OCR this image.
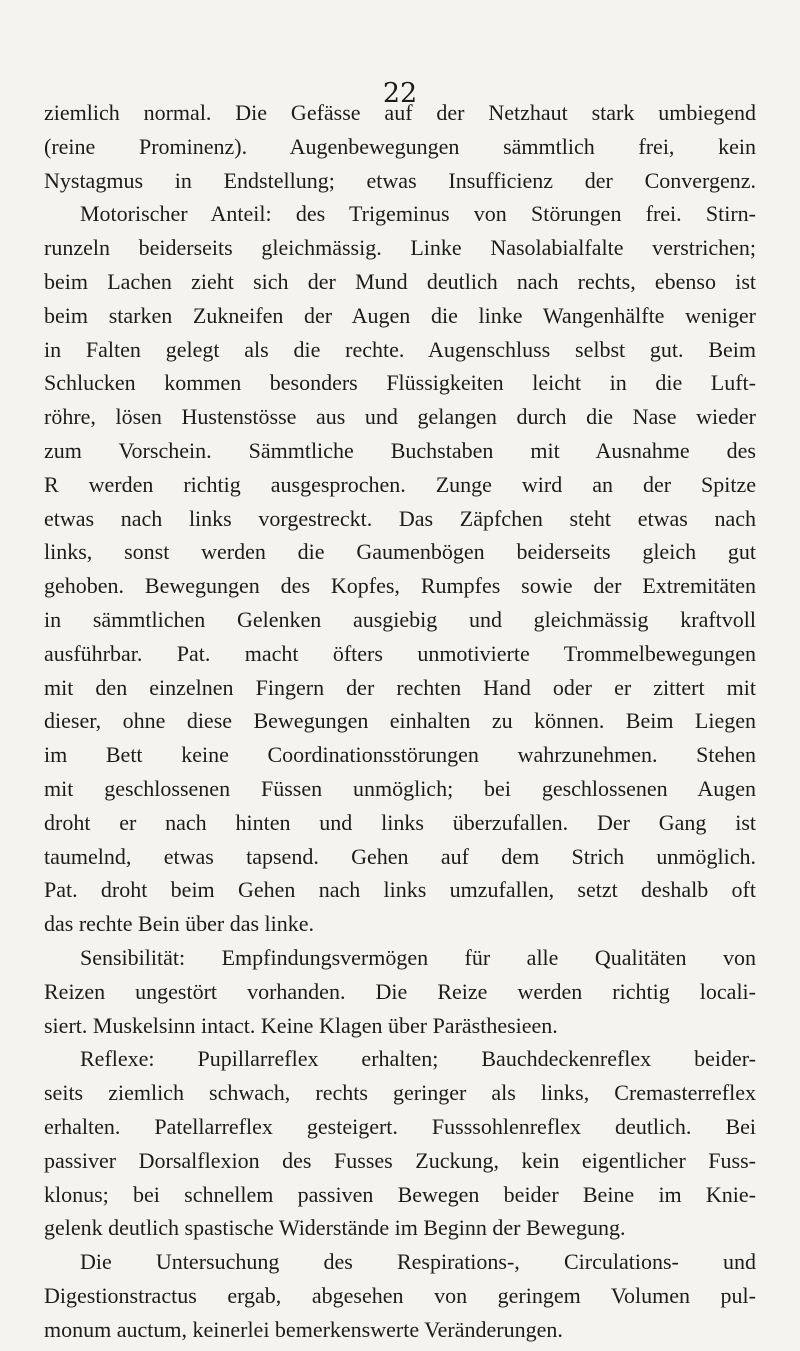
22
ziemlich normal. Die Gefässe auf der Netzhaut stark umbiegend
(reine Prominenz). Augenbewegungen sämmtlich frei, kein
Nystagmus in Endstellung; etwas Insufficienz der Convergenz.
Motorischer Anteil: des Trigeminus von Störungen frei. Stirn-
runzeln beiderseits gleichmässig. Linke Nasolabialfalte verstrichen;
beim Lachen zieht sich der Mund deutlich nach rechts, ebenso ist
beim starken Zukneifen der Augen die linke Wangenhälfte weniger
in Falten gelegt als die rechte. Augenschluss selbst gut. Beim
Schlucken kommen besonders Flüssigkeiten leicht in die Luft-
röhre, lösen Hustenstösse aus und gelangen durch die Nase wieder
zum Vorschein. Sämmtliche Buchstaben mit Ausnahme des
R werden richtig ausgesprochen. Zunge wird an der Spitze
etwas nach links vorgestreckt. Das Zäpfchen steht etwas nach
links, sonst werden die Gaumenbögen beiderseits gleich gut
gehoben. Bewegungen des Kopfes, Rumpfes sowie der Extremitäten
in sämmtlichen Gelenken ausgiebig und gleichmässig kraftvoll
ausführbar. Pat. macht öfters unmotivierte Trommelbewegungen
mit den einzelnen Fingern der rechten Hand oder er zittert mit
dieser, ohne diese Bewegungen einhalten zu können. Beim Liegen
im Bett keine Coordinationsstörungen wahrzunehmen. Stehen
mit geschlossenen Füssen unmöglich; bei geschlossenen Augen
droht er nach hinten und links überzufallen. Der Gang ist
taumelnd, etwas tapsend. Gehen auf dem Strich unmöglich.
Pat. droht beim Gehen nach links umzufallen, setzt deshalb oft
das rechte Bein über das linke.
Sensibilität: Empfindungsvermögen für alle Qualitäten von
Reizen ungestört vorhanden. Die Reize werden richtig locali-
siert. Muskelsinn intact. Keine Klagen über Parästhesieen.
Reflexe: Pupillarreflex erhalten; Bauchdeckenreflex beider-
seits ziemlich schwach, rechts geringer als links, Cremasterreflex
erhalten. Patellarreflex gesteigert. Fusssohlenreflex deutlich. Bei
passiver Dorsalflexion des Fusses Zuckung, kein eigentlicher Fuss-
klonus; bei schnellem passiven Bewegen beider Beine im Knie-
gelenk deutlich spastische Widerstände im Beginn der Bewegung.
Die Untersuchung des Respirations-, Circulations- und
Digestionstractus ergab, abgesehen von geringem Volumen pul-
monum auctum, keinerlei bemerkenswerte Veränderungen.
